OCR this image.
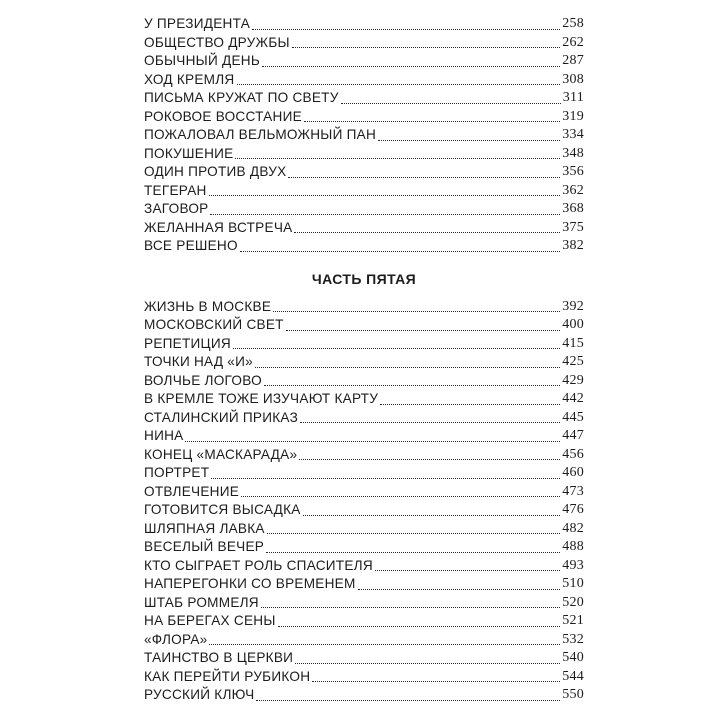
У ПРЕЗИДЕНТА	258
ОБЩЕСТВО ДРУЖБЫ	262
ОБЫЧНЫЙ ДЕНЬ	287
ХОД КРЕМЛЯ	308
ПИСЬМА КРУЖАТ ПО СВЕТУ	311
РОКОВОЕ ВОССТАНИЕ	319
ПОЖАЛОВАЛ ВЕЛЬМОЖНЫЙ ПАН	334
ПОКУШЕНИЕ	348
ОДИН ПРОТИВ ДВУХ	356
ТЕГЕРАН	362
ЗАГОВОР	368
ЖЕЛАННАЯ ВСТРЕЧА	375
ВСЕ РЕШЕНО	382
ЧАСТЬ ПЯТАЯ
ЖИЗНЬ В МОСКВЕ	392
МОСКОВСКИЙ СВЕТ	400
РЕПЕТИЦИЯ	415
ТОЧКИ НАД «И»	425
ВОЛЧЬЕ ЛОГОВО	429
В КРЕМЛЕ ТОЖЕ ИЗУЧАЮТ КАРТУ	442
СТАЛИНСКИЙ ПРИКАЗ	445
НИНА	447
КОНЕЦ «МАСКАРАДА»	456
ПОРТРЕТ	460
ОТВЛЕЧЕНИЕ	473
ГОТОВИТСЯ ВЫСАДКА	476
ШЛЯПНАЯ ЛАВКА	482
ВЕСЕЛЫЙ ВЕЧЕР	488
КТО СЫГРАЕТ РОЛЬ СПАСИТЕЛЯ	493
НАПЕРЕГОНКИ СО ВРЕМЕНЕМ	510
ШТАБ РОММЕЛЯ	520
НА БЕРЕГАХ СЕНЫ	521
«ФЛОРА»	532
ТАИНСТВО В ЦЕРКВИ	540
КАК ПЕРЕЙТИ РУБИКОН	544
РУССКИЙ КЛЮЧ	550
